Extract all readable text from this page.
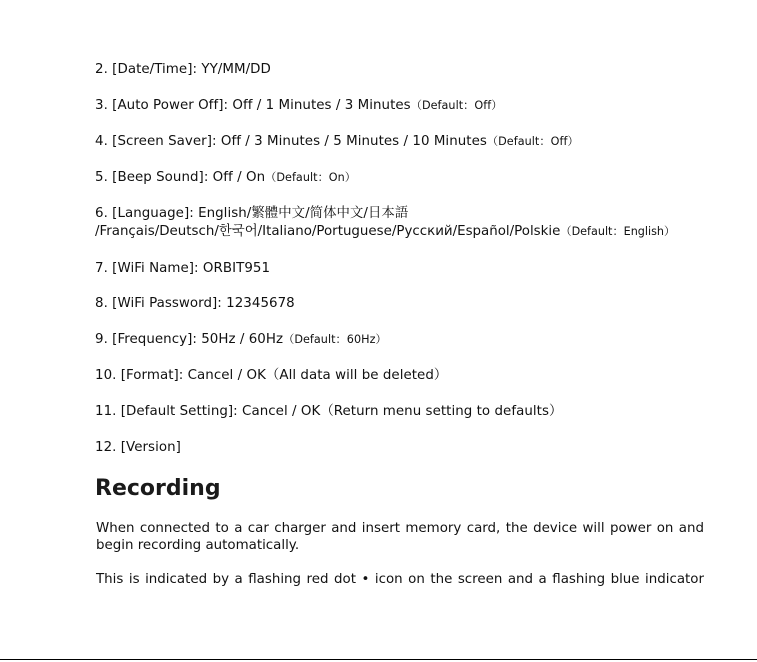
2. [Date/Time]: YY/MM/DD
3. [Auto Power Off]: Off / 1 Minutes / 3 Minutes（Default：Off）
4. [Screen Saver]: Off / 3 Minutes / 5 Minutes / 10 Minutes（Default：Off）
5. [Beep Sound]: Off / On（Default：On）
6. [Language]: English/繁體中文/简体中文/日本語
/Français/Deutsch/한국어/Italiano/Portuguese/Русский/Español/Polskie（Default：English）
7. [WiFi Name]: ORBIT951
8. [WiFi Password]: 12345678
9. [Frequency]: 50Hz / 60Hz（Default：60Hz）
10. [Format]: Cancel / OK（All data will be deleted）
11. [Default Setting]: Cancel / OK（Return menu setting to defaults）
12. [Version]
Recording
When connected to a car charger and insert memory card, the device will power on and begin recording automatically.
This is indicated by a flashing red dot • icon on the screen and a flashing blue indicator
